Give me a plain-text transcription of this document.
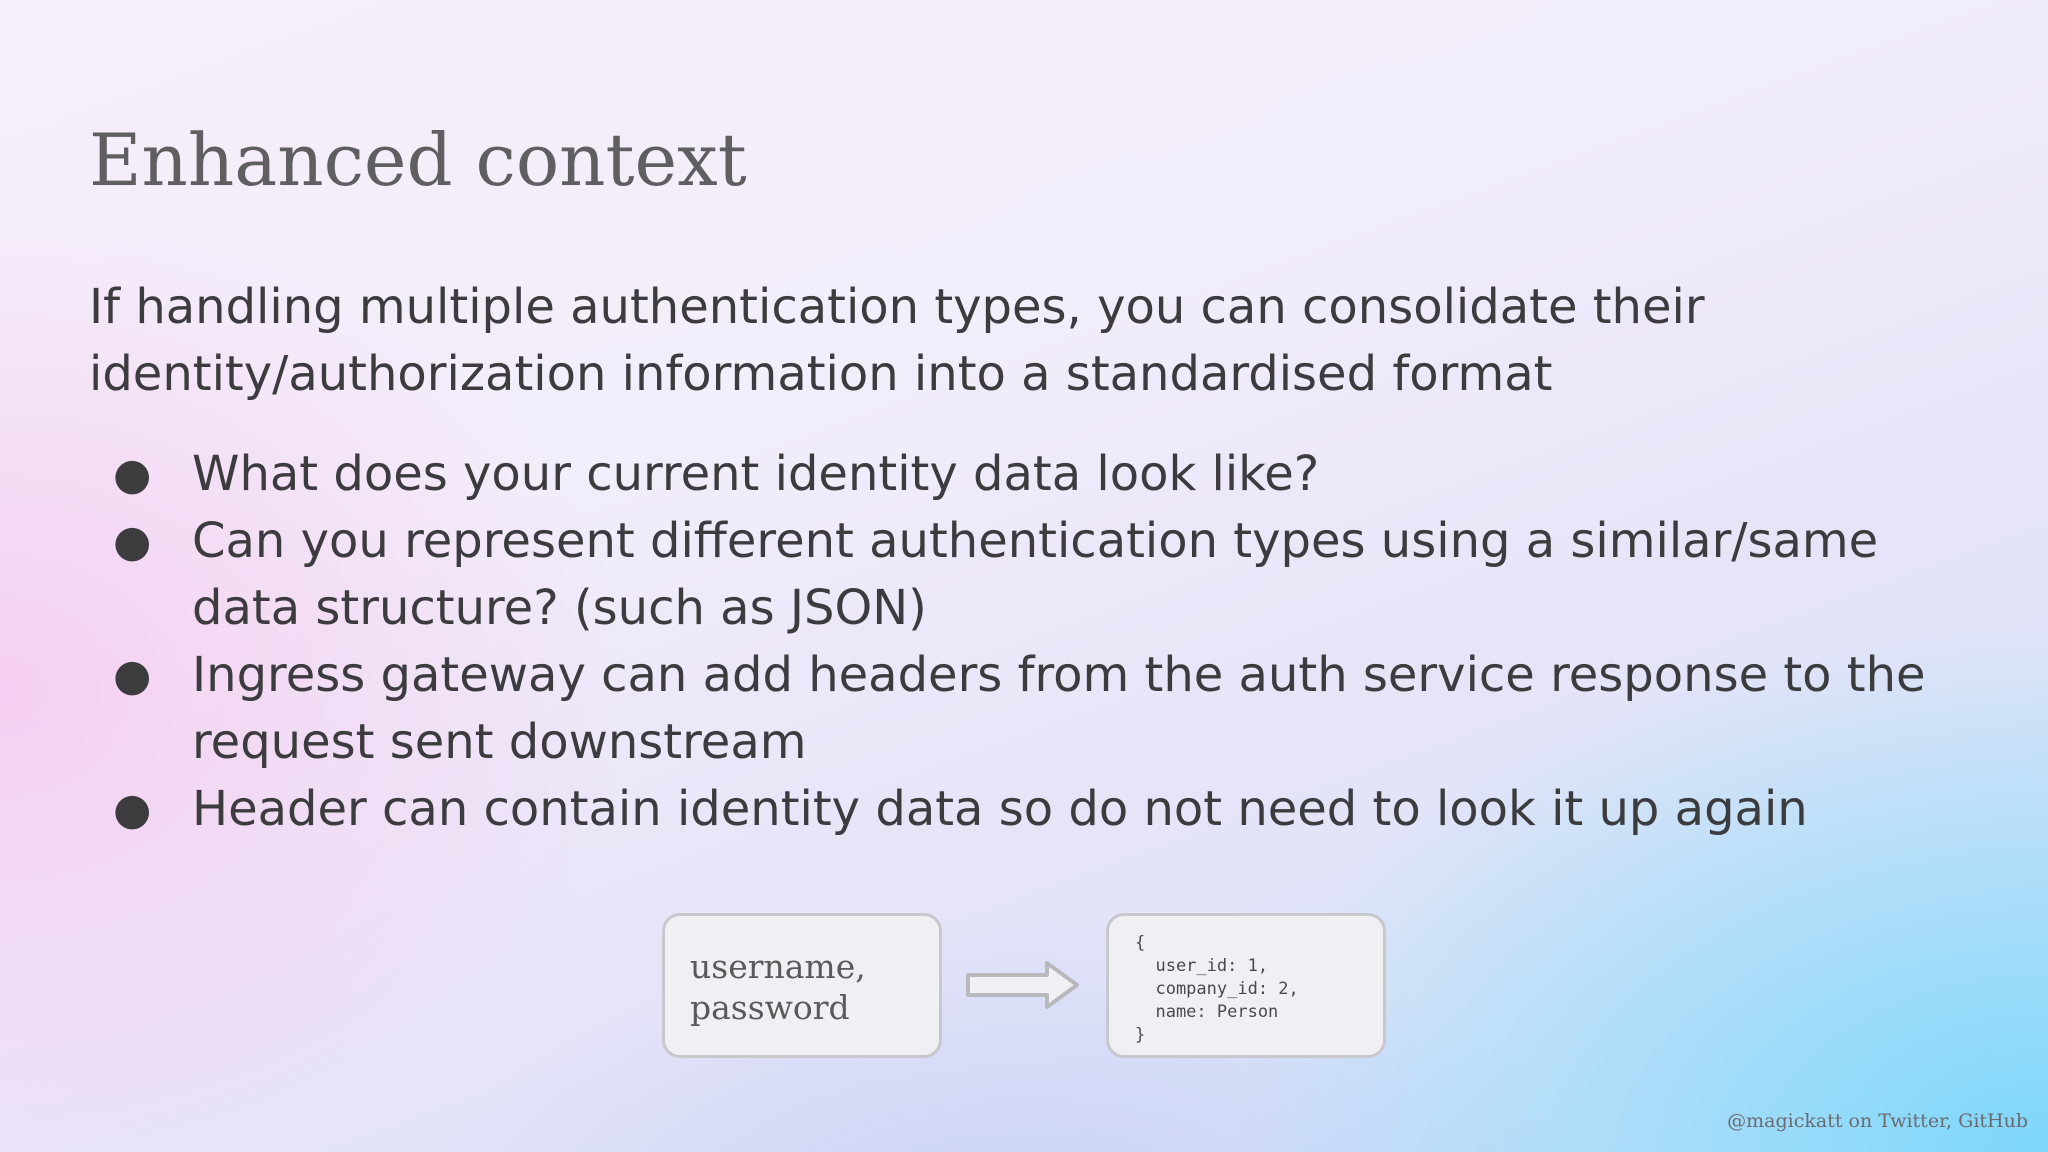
Enhanced context
If handling multiple authentication types, you can consolidate their identity/authorization information into a standardised format
● What does your current identity data look like?
● Can you represent different authentication types using a similar/same data structure? (such as JSON)
● Ingress gateway can add headers from the auth service response to the request sent downstream
● Header can contain identity data so do not need to look it up again
username,
password
{
user_id: 1,
company_id: 2,
name: Person
}
@magickatt on Twitter, GitHub
